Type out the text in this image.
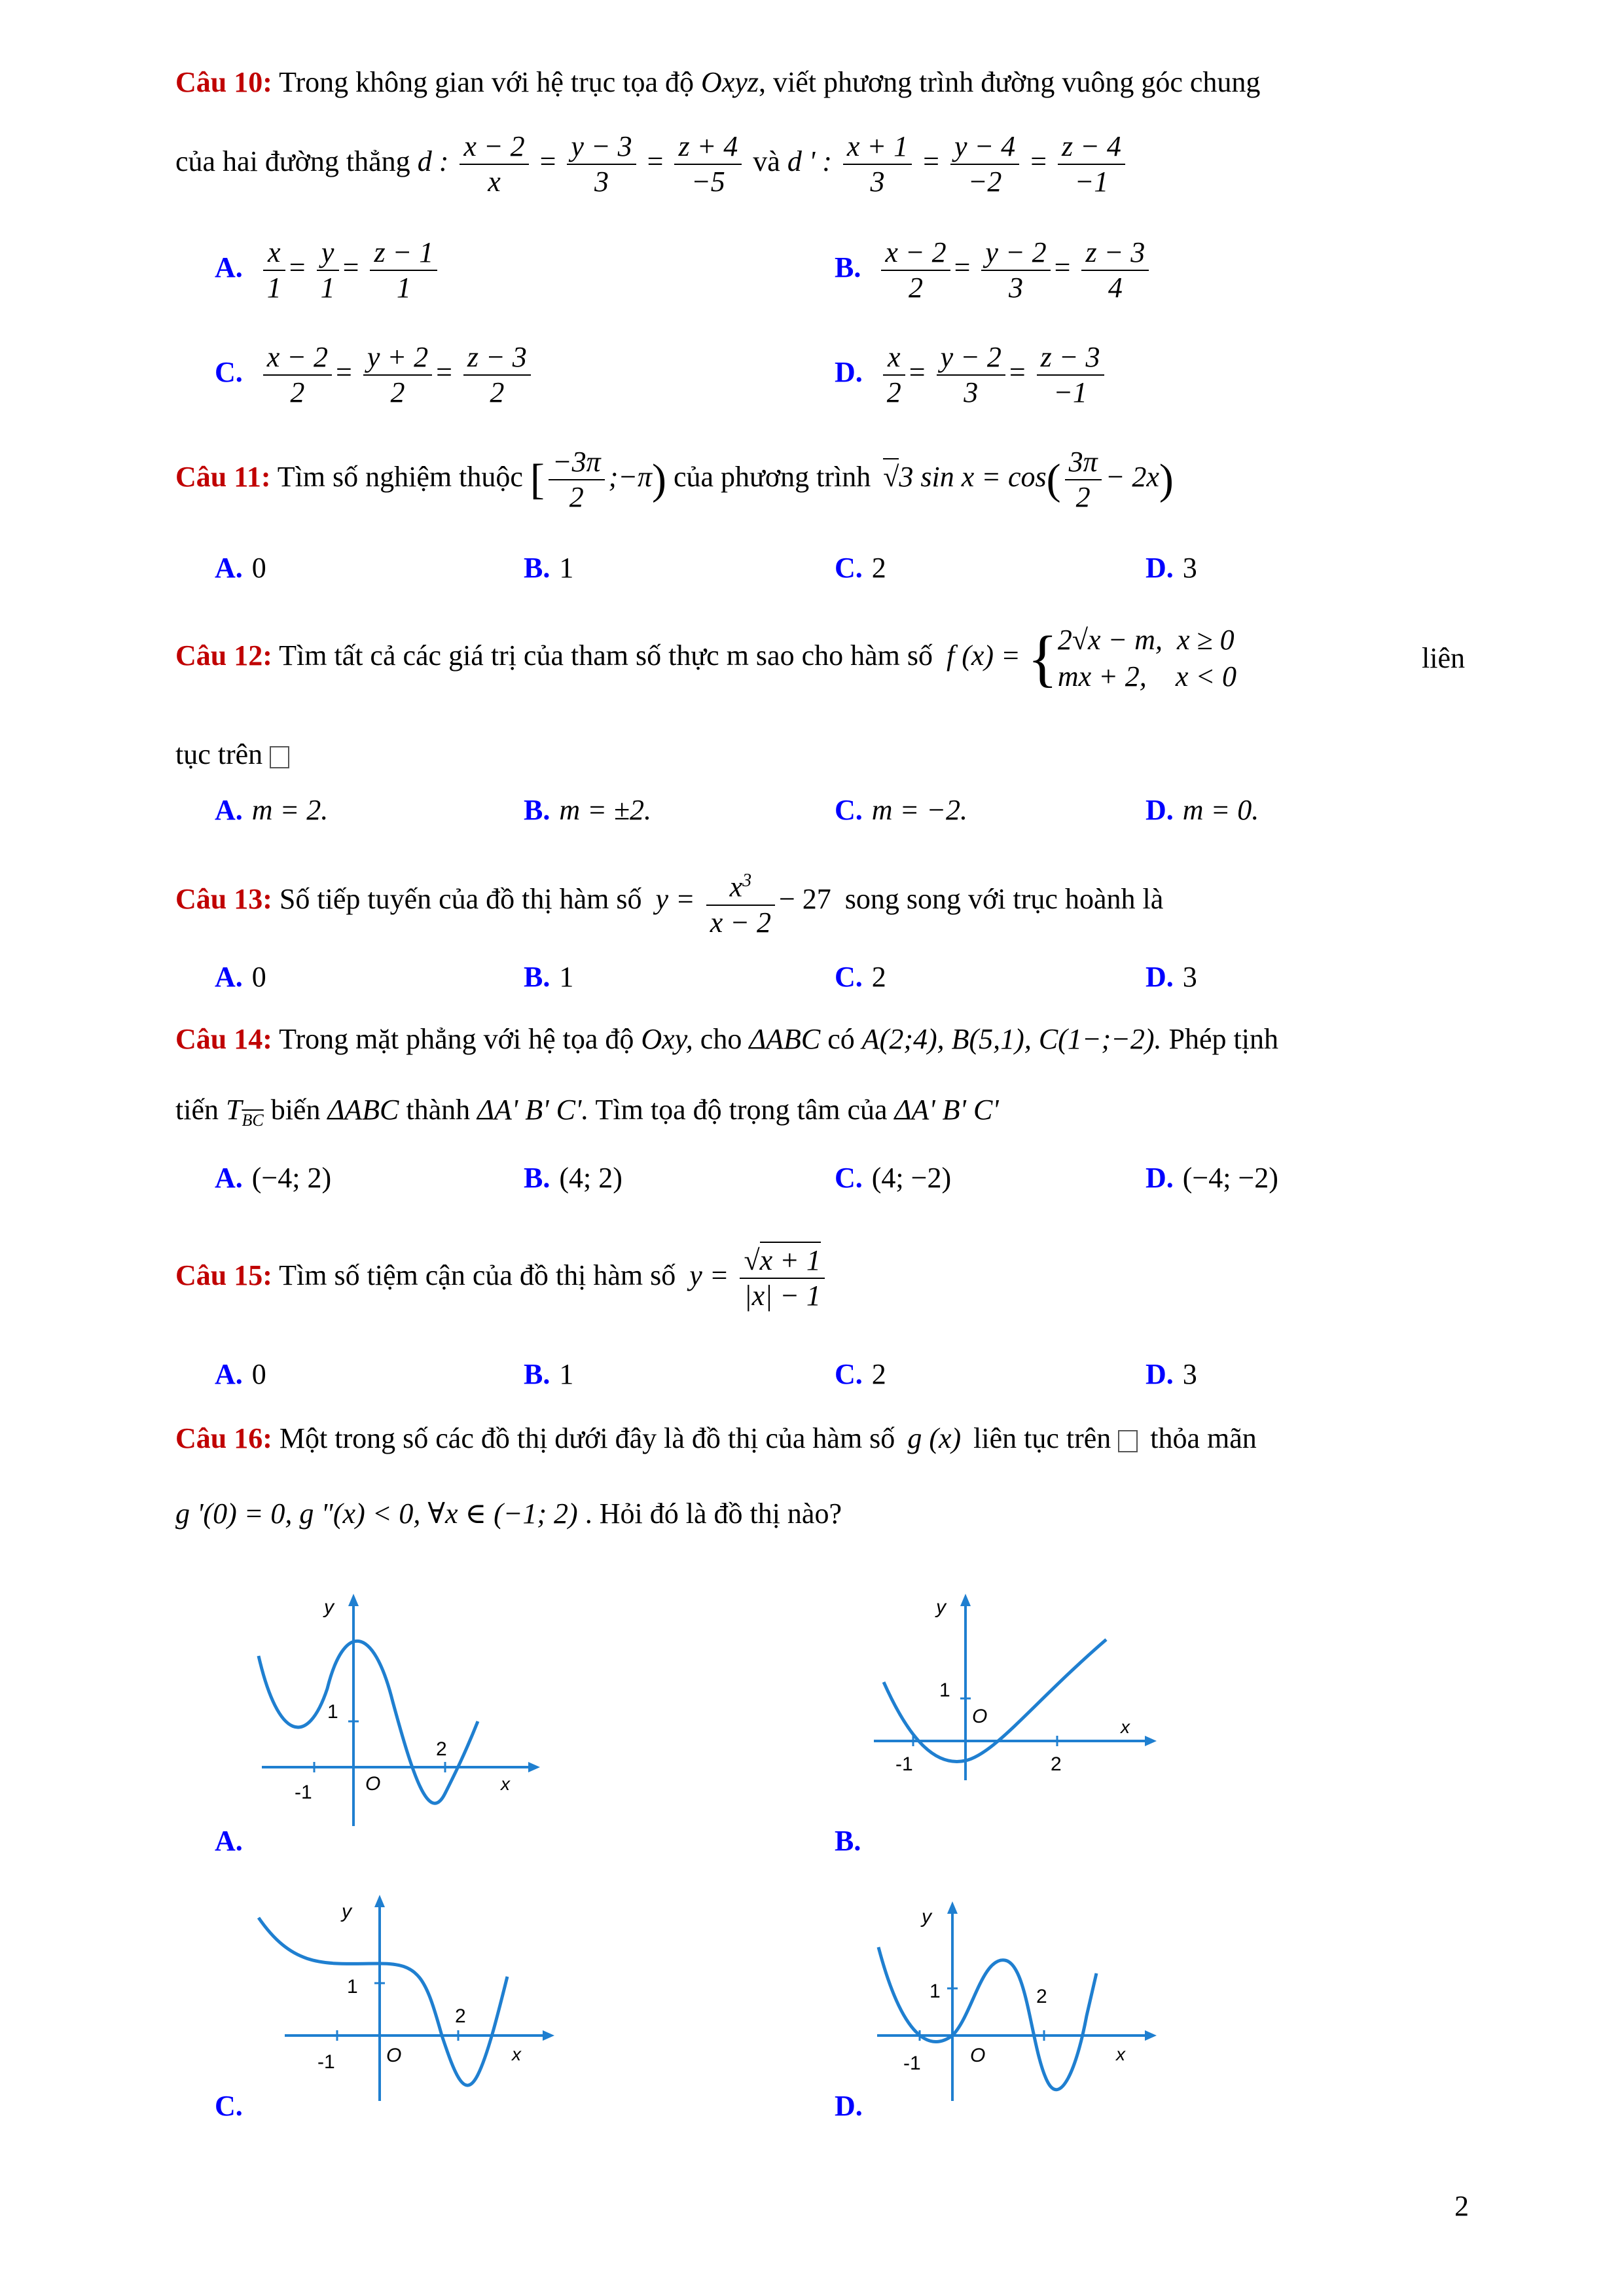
Câu 10: Trong không gian với hệ trục tọa độ Oxyz, viết phương trình đường vuông góc chung
của hai đường thẳng d : $\frac{x - 2}{x} = \frac{y - 3}{3} = \frac{z + 4}{-5}$ và d ' : $\frac{x + 1}{3} = \frac{y - 4}{-2} = \frac{z - 4}{-1}$
A. $\frac{x}{1} = \frac{y}{1} = \frac{z - 1}{1}$	B. $\frac{x - 2}{2} = \frac{y - 2}{3} = \frac{z - 3}{4}$
C. $\frac{x - 2}{2} = \frac{y + 2}{2} = \frac{z - 3}{2}$	D. $\frac{x}{2} = \frac{y - 2}{3} = \frac{z - 3}{-1}$
Câu 11: Tìm số nghiệm thuộc [ $\frac{-3\pi}{2}$ ;−π) của phương trình √3 $\sin x = \cos( \frac{3\pi}{2} - 2x)$
A. 0	B. 1	C. 2	D. 3
Câu 12: Tìm tất cả các giá trị của tham số thực m sao cho hàm số f (x) = { 2√x − m, x ≥ 0
mx + 2, x < 0
liên
tục trên
A. m = 2.	B. m = ±2.	C. m = −2.	D. m = 0.
Câu 13: Số tiếp tuyến của đồ thị hàm số $y = \frac{x^3}{x - 2} - 27$ song song với trục hoành là
A. 0	B. 1	C. 2	D. 3
Câu 14: Trong mặt phẳng với hệ tọa độ Oxy, cho ΔABC có A(2;4), B(5,1), C(1−;−2). Phép tịnh
tiến $T_{\overline{BC}}$ biến ΔABC thành ΔA' B' C'. Tìm tọa độ trọng tâm của ΔA' B' C'
A. (−4; 2)	B. (4; 2)	C. (4; −2)	D. (−4; −2)
Câu 15: Tìm số tiệm cận của đồ thị hàm số $y = \frac{√x + 1}{|x| - 1}$
A. 0	B. 1	C. 2	D. 3
Câu 16: Một trong số các đồ thị dưới đây là đồ thị của hàm số g (x) liên tục trên thỏa mãn
g '(0) = 0, g "(x) < 0, ∀x ∈ (−1; 2) . Hỏi đó là đồ thị nào?
1
2
-1	O	x
y
A.
1
O
2
-1
x
y
B.
1
2
-1	O	x
y
C.
1	2
-1	O	x
y
D.
2
